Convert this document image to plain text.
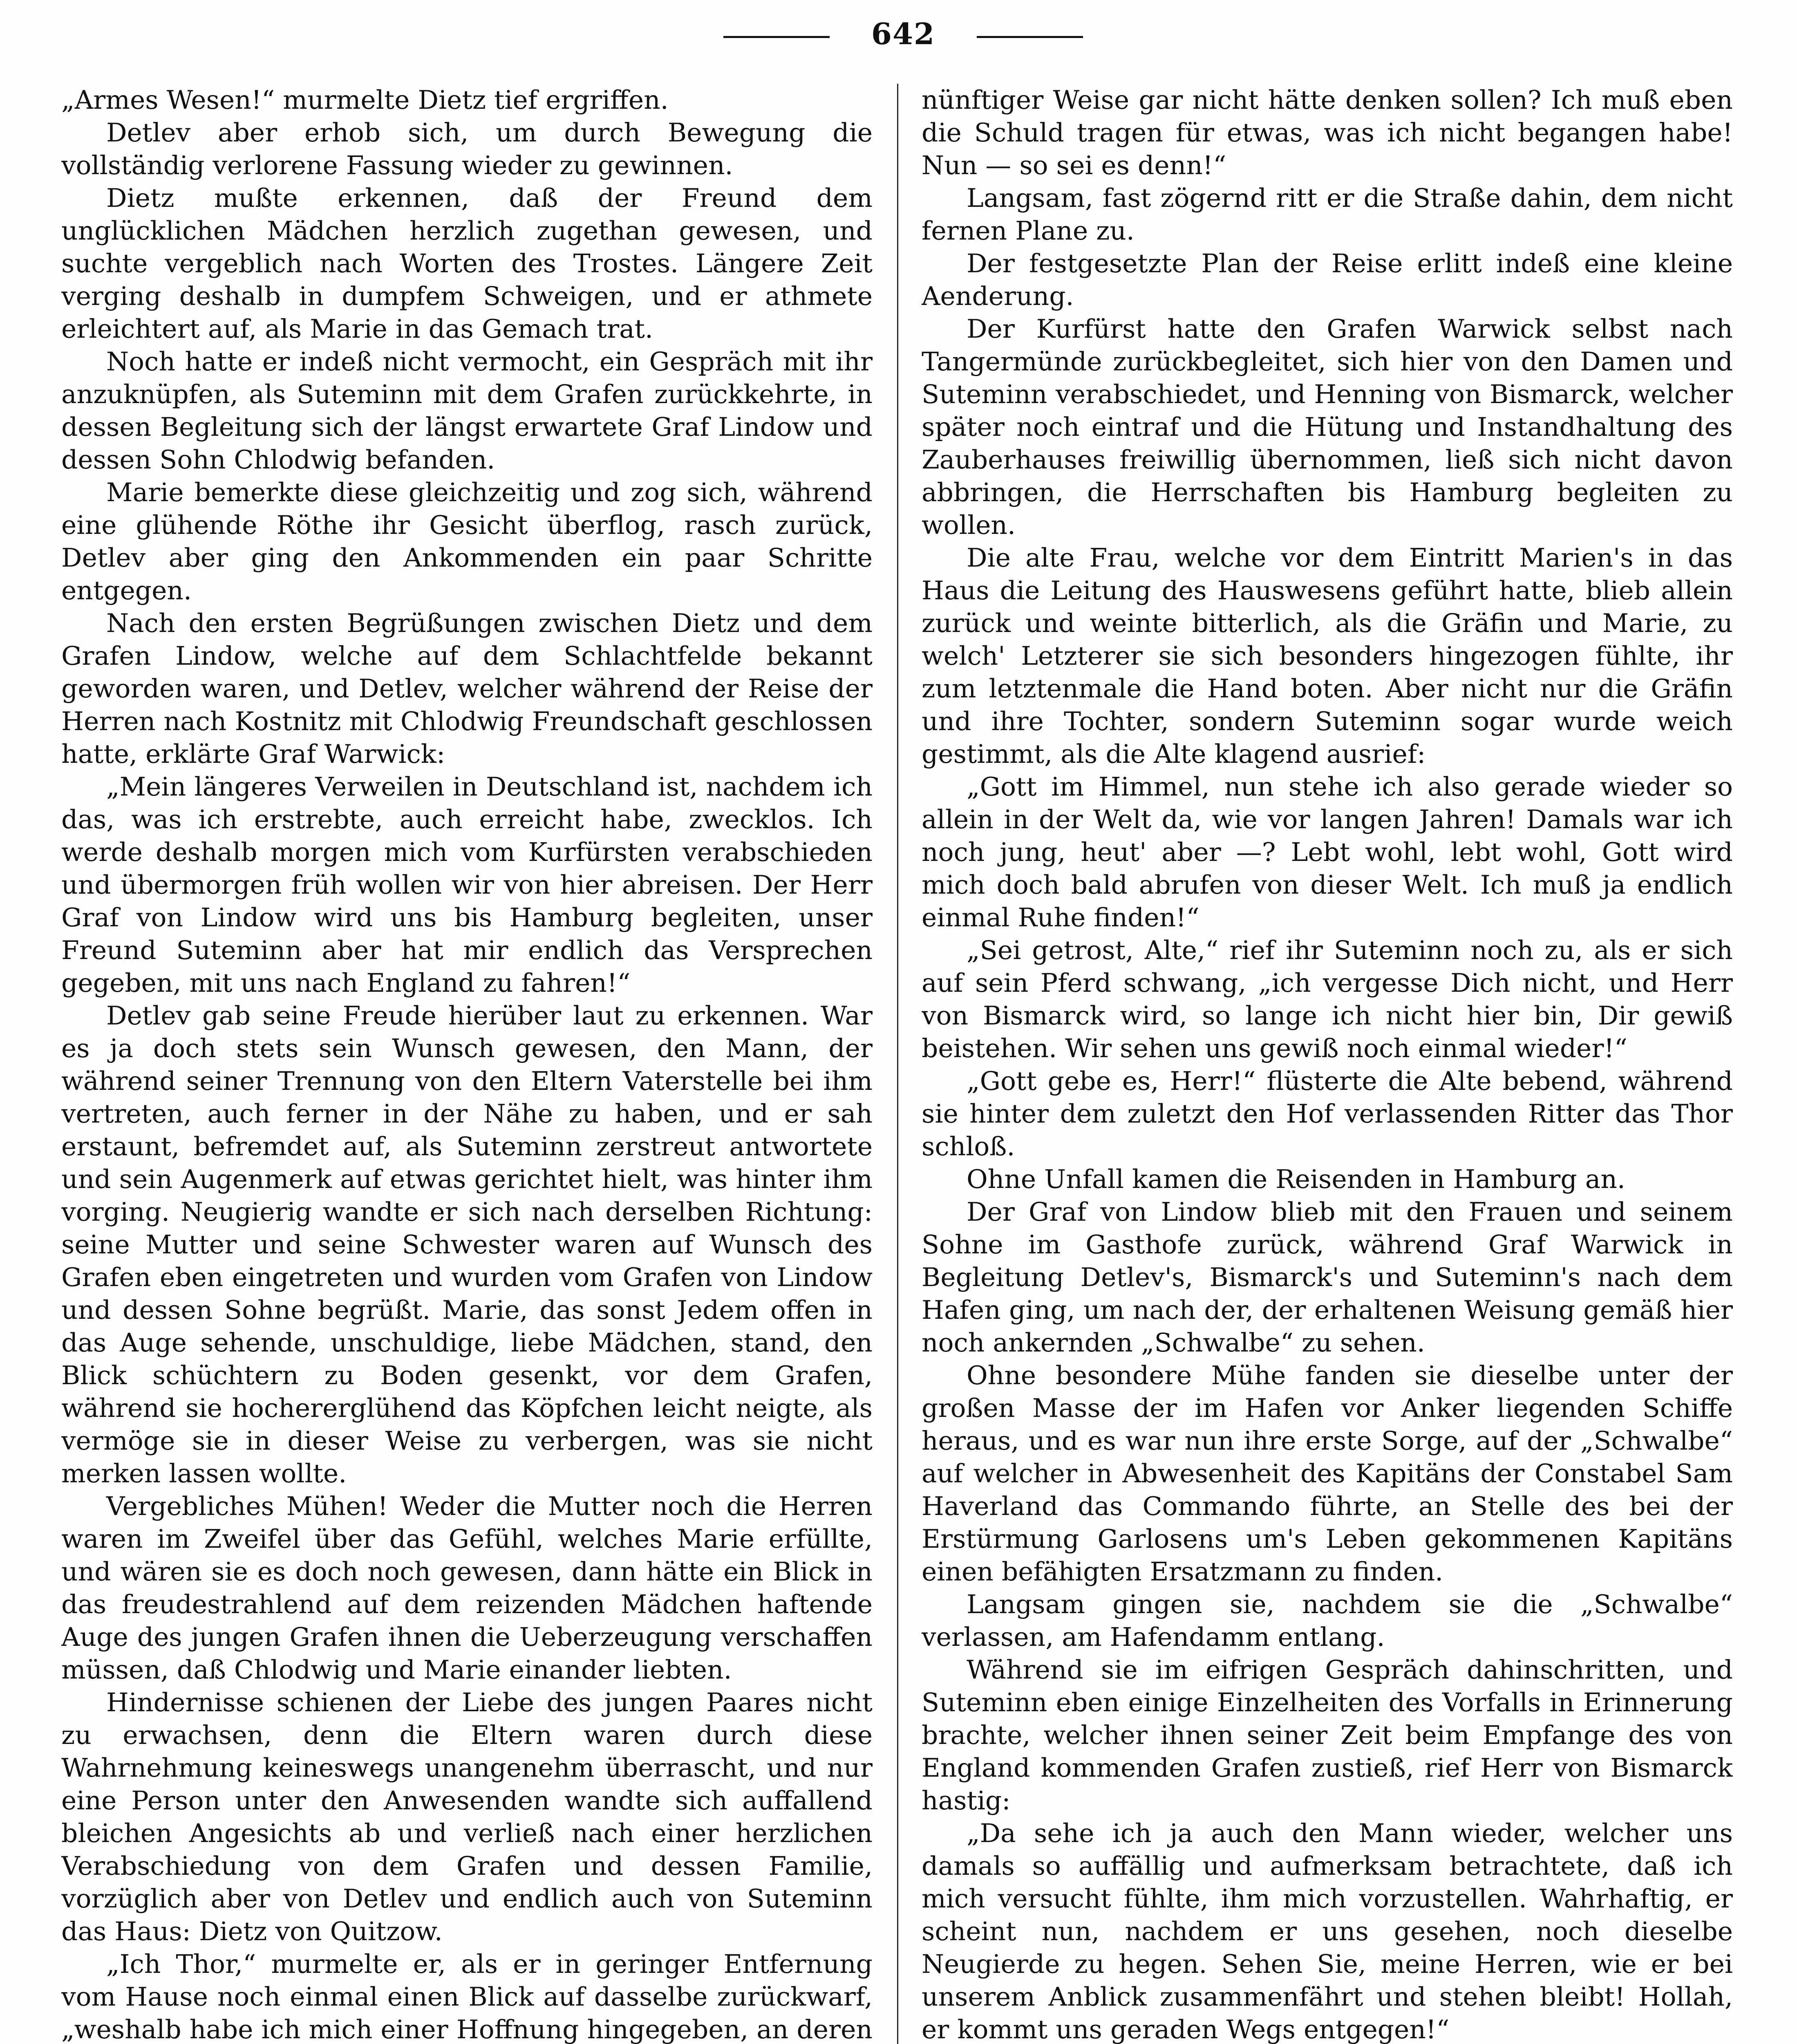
642

„Armes Wesen!“ murmelte Dietz tief ergriffen.

Detlev aber erhob sich, um durch Bewegung die vollständig verlorene Fassung wieder zu gewinnen.

Dietz mußte erkennen, daß der Freund dem unglücklichen Mädchen herzlich zugethan gewesen, und suchte vergeblich nach Worten des Trostes. Längere Zeit verging deshalb in dumpfem Schweigen, und er athmete erleichtert auf, als Marie in das Gemach trat.

Noch hatte er indeß nicht vermocht, ein Gespräch mit ihr anzuknüpfen, als Suteminn mit dem Grafen zurückkehrte, in dessen Begleitung sich der längst erwartete Graf Lindow und dessen Sohn Chlodwig befanden.

Marie bemerkte diese gleichzeitig und zog sich, während eine glühende Röthe ihr Gesicht überflog, rasch zurück, Detlev aber ging den Ankommenden ein paar Schritte entgegen.

Nach den ersten Begrüßungen zwischen Dietz und dem Grafen Lindow, welche auf dem Schlachtfelde bekannt geworden waren, und Detlev, welcher während der Reise der Herren nach Kostnitz mit Chlodwig Freundschaft geschlossen hatte, erklärte Graf Warwick:

„Mein längeres Verweilen in Deutschland ist, nachdem ich das, was ich erstrebte, auch erreicht habe, zwecklos. Ich werde deshalb morgen mich vom Kurfürsten verabschieden und übermorgen früh wollen wir von hier abreisen. Der Herr Graf von Lindow wird uns bis Hamburg begleiten, unser Freund Suteminn aber hat mir endlich das Versprechen gegeben, mit uns nach England zu fahren!“

Detlev gab seine Freude hierüber laut zu erkennen. War es ja doch stets sein Wunsch gewesen, den Mann, der während seiner Trennung von den Eltern Vaterstelle bei ihm vertreten, auch ferner in der Nähe zu haben, und er sah erstaunt, befremdet auf, als Suteminn zerstreut antwortete und sein Augenmerk auf etwas gerichtet hielt, was hinter ihm vorging. Neugierig wandte er sich nach derselben Richtung: seine Mutter und seine Schwester waren auf Wunsch des Grafen eben eingetreten und wurden vom Grafen von Lindow und dessen Sohne begrüßt. Marie, das sonst Jedem offen in das Auge sehende, unschuldige, liebe Mädchen, stand, den Blick schüchtern zu Boden gesenkt, vor dem Grafen, während sie hochererglühend das Köpfchen leicht neigte, als vermöge sie in dieser Weise zu verbergen, was sie nicht merken lassen wollte.

Vergebliches Mühen! Weder die Mutter noch die Herren waren im Zweifel über das Gefühl, welches Marie erfüllte, und wären sie es doch noch gewesen, dann hätte ein Blick in das freudestrahlend auf dem reizenden Mädchen haftende Auge des jungen Grafen ihnen die Ueberzeugung verschaffen müssen, daß Chlodwig und Marie einander liebten.

Hindernisse schienen der Liebe des jungen Paares nicht zu erwachsen, denn die Eltern waren durch diese Wahrnehmung keineswegs unangenehm überrascht, und nur eine Person unter den Anwesenden wandte sich auffallend bleichen Angesichts ab und verließ nach einer herzlichen Verabschiedung von dem Grafen und dessen Familie, vorzüglich aber von Detlev und endlich auch von Suteminn das Haus: Dietz von Quitzow.

„Ich Thor,“ murmelte er, als er in geringer Entfernung vom Hause noch einmal einen Blick auf dasselbe zurückwarf, „weshalb habe ich mich einer Hoffnung hingegeben, an deren

nünftiger Weise gar nicht hätte denken sollen? Ich muß eben die Schuld tragen für etwas, was ich nicht begangen habe! Nun — so sei es denn!“

Langsam, fast zögernd ritt er die Straße dahin, dem nicht fernen Plane zu.

Der festgesetzte Plan der Reise erlitt indeß eine kleine Aenderung.

Der Kurfürst hatte den Grafen Warwick selbst nach Tangermünde zurückbegleitet, sich hier von den Damen und Suteminn verabschiedet, und Henning von Bismarck, welcher später noch eintraf und die Hütung und Instandhaltung des Zauberhauses freiwillig übernommen, ließ sich nicht davon abbringen, die Herrschaften bis Hamburg begleiten zu wollen.

Die alte Frau, welche vor dem Eintritt Marien's in das Haus die Leitung des Hauswesens geführt hatte, blieb allein zurück und weinte bitterlich, als die Gräfin und Marie, zu welch' Letzterer sie sich besonders hingezogen fühlte, ihr zum letztenmale die Hand boten. Aber nicht nur die Gräfin und ihre Tochter, sondern Suteminn sogar wurde weich gestimmt, als die Alte klagend ausrief:

„Gott im Himmel, nun stehe ich also gerade wieder so allein in der Welt da, wie vor langen Jahren! Damals war ich noch jung, heut' aber —? Lebt wohl, lebt wohl, Gott wird mich doch bald abrufen von dieser Welt. Ich muß ja endlich einmal Ruhe finden!“

„Sei getrost, Alte,“ rief ihr Suteminn noch zu, als er sich auf sein Pferd schwang, „ich vergesse Dich nicht, und Herr von Bismarck wird, so lange ich nicht hier bin, Dir gewiß beistehen. Wir sehen uns gewiß noch einmal wieder!“

„Gott gebe es, Herr!“ flüsterte die Alte bebend, während sie hinter dem zuletzt den Hof verlassenden Ritter das Thor schloß.

Ohne Unfall kamen die Reisenden in Hamburg an.

Der Graf von Lindow blieb mit den Frauen und seinem Sohne im Gasthofe zurück, während Graf Warwick in Begleitung Detlev's, Bismarck's und Suteminn's nach dem Hafen ging, um nach der, der erhaltenen Weisung gemäß hier noch ankernden „Schwalbe“ zu sehen.

Ohne besondere Mühe fanden sie dieselbe unter der großen Masse der im Hafen vor Anker liegenden Schiffe heraus, und es war nun ihre erste Sorge, auf der „Schwalbe“ auf welcher in Abwesenheit des Kapitäns der Constabel Sam Haverland das Commando führte, an Stelle des bei der Erstürmung Garlosens um's Leben gekommenen Kapitäns einen befähigten Ersatzmann zu finden.

Langsam gingen sie, nachdem sie die „Schwalbe“ verlassen, am Hafendamm entlang.

Während sie im eifrigen Gespräch dahinschritten, und Suteminn eben einige Einzelheiten des Vorfalls in Erinnerung brachte, welcher ihnen seiner Zeit beim Empfange des von England kommenden Grafen zustieß, rief Herr von Bismarck hastig:

„Da sehe ich ja auch den Mann wieder, welcher uns damals so auffällig und aufmerksam betrachtete, daß ich mich versucht fühlte, ihm mich vorzustellen. Wahrhaftig, er scheint nun, nachdem er uns gesehen, noch dieselbe Neugierde zu hegen. Sehen Sie, meine Herren, wie er bei unserem Anblick zusammenfährt und stehen bleibt! Hollah, er kommt uns geraden Wegs entgegen!“
